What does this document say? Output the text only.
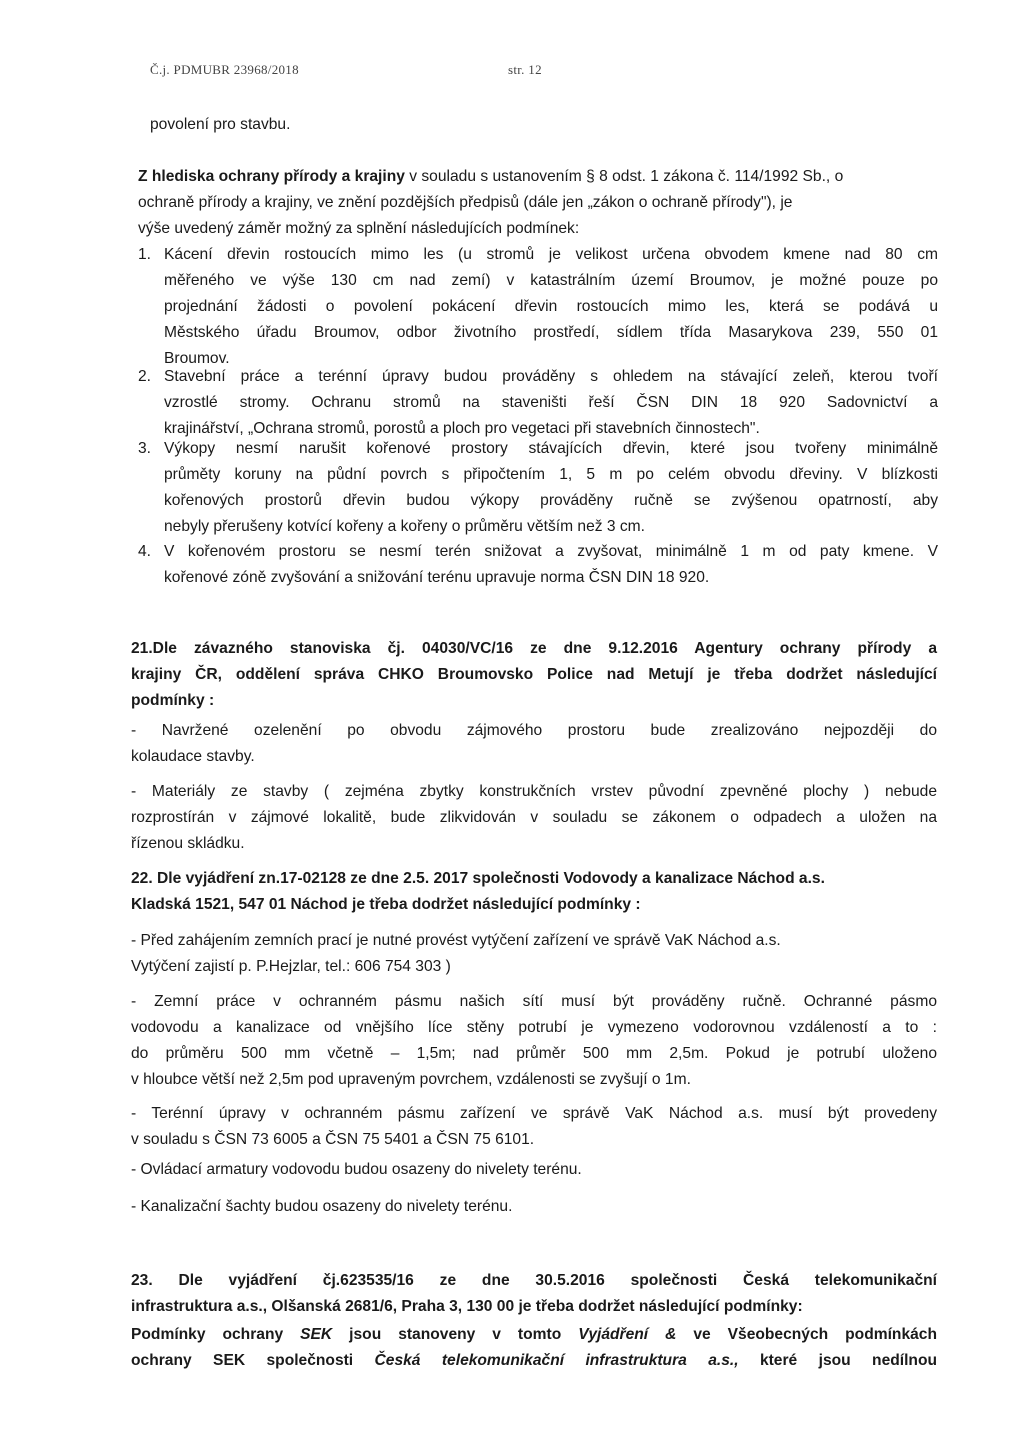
Č.j. PDMUBR 23968/2018	str. 12
povolení pro stavbu.
Z hlediska ochrany přírody a krajiny v souladu s ustanovením § 8 odst. 1 zákona č. 114/1992 Sb., o
ochraně přírody a krajiny, ve znění pozdějších předpisů (dále jen „zákon o ochraně přírody"), je
výše uvedený záměr možný za splnění následujících podmínek:
1. Kácení dřevin rostoucích mimo les (u stromů je velikost určena obvodem kmene nad 80 cm
měřeného ve výše 130 cm nad zemí) v katastrálním území Broumov, je možné pouze po
projednání žádosti o povolení pokácení dřevin rostoucích mimo les, která se podává u
Městského úřadu Broumov, odbor životního prostředí, sídlem třída Masarykova 239, 550 01
Broumov.
2. Stavební práce a terénní úpravy budou prováděny s ohledem na stávající zeleň, kterou tvoří
vzrostlé stromy. Ochranu stromů na staveništi řeší ČSN DIN 18 920 Sadovnictví a
krajinářství, „Ochrana stromů, porostů a ploch pro vegetaci při stavebních činnostech".
3. Výkopy nesmí narušit kořenové prostory stávajících dřevin, které jsou tvořeny minimálně
průměty koruny na půdní povrch s připočtením 1, 5 m po celém obvodu dřeviny. V blízkosti
kořenových prostorů dřevin budou výkopy prováděny ručně se zvýšenou opatrností, aby
nebyly přerušeny kotvící kořeny a kořeny o průměru větším než 3 cm.
4. V kořenovém prostoru se nesmí terén snižovat a zvyšovat, minimálně 1 m od paty kmene. V
kořenové zóně zvyšování a snižování terénu upravuje norma ČSN DIN 18 920.
21.Dle závazného stanoviska čj. 04030/VC/16 ze dne 9.12.2016 Agentury ochrany přírody a
krajiny ČR, oddělení správa CHKO Broumovsko Police nad Metují je třeba dodržet následující
podmínky :
- Navržené ozelenění po obvodu zájmového prostoru bude zrealizováno nejpozději do
kolaudace stavby.
- Materiály ze stavby ( zejména zbytky konstrukčních vrstev původní zpevněné plochy ) nebude
rozprostírán v zájmové lokalitě, bude zlikvidován v souladu se zákonem o odpadech a uložen na
řízenou skládku.
22. Dle vyjádření zn.17-02128 ze dne 2.5. 2017 společnosti Vodovody a kanalizace Náchod a.s.
Kladská 1521, 547 01 Náchod je třeba dodržet následující podmínky :
- Před zahájením zemních prací je nutné provést vytýčení zařízení ve správě VaK Náchod a.s.
Vytýčení zajistí p. P.Hejzlar, tel.: 606 754 303 )
- Zemní práce v ochranném pásmu našich sítí musí být prováděny ručně. Ochranné pásmo
vodovodu a kanalizace od vnějšího líce stěny potrubí je vymezeno vodorovnou vzdáleností a to :
do průměru 500 mm včetně – 1,5m; nad průměr 500 mm 2,5m. Pokud je potrubí uloženo
v hloubce větší než 2,5m pod upraveným povrchem, vzdálenosti se zvyšují o 1m.
- Terénní úpravy v ochranném pásmu zařízení ve správě VaK Náchod a.s. musí být provedeny
v souladu s ČSN 73 6005 a ČSN 75 5401 a ČSN 75 6101.
- Ovládací armatury vodovodu budou osazeny do nivelety terénu.
- Kanalizační šachty budou osazeny do nivelety terénu.
23. Dle vyjádření čj.623535/16 ze dne 30.5.2016 společnosti Česká telekomunikační
infrastruktura a.s., Olšanská 2681/6, Praha 3, 130 00 je třeba dodržet následující podmínky:
Podmínky ochrany SEK jsou stanoveny v tomto Vyjádření & ve Všeobecných podmínkách
ochrany SEK společnosti Česká telekomunikační infrastruktura a.s., které jsou nedílnou
